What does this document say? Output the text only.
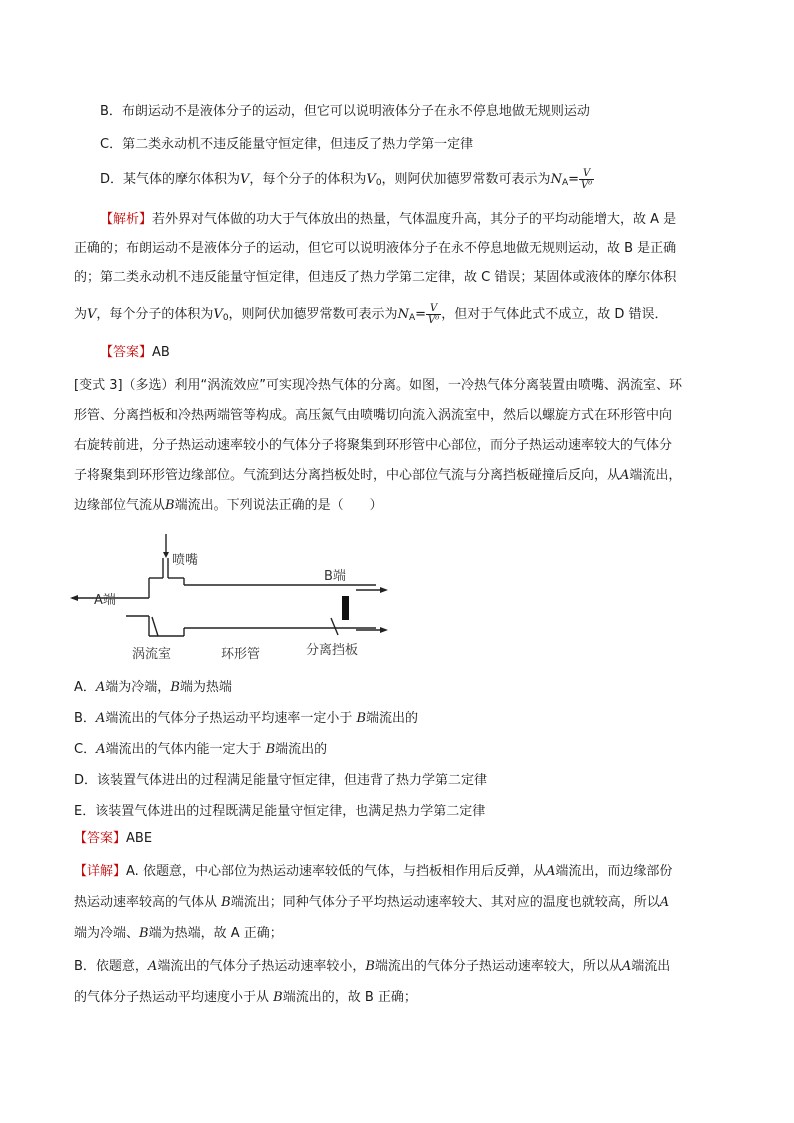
B．布朗运动不是液体分子的运动，但它可以说明液体分子在永不停息地做无规则运动
C．第二类永动机不违反能量守恒定律，但违反了热力学第一定律
D．某气体的摩尔体积为V，每个分子的体积为$V_0$，则阿伏加德罗常数可表示为$N_A= \frac{V}{\text{V⁰}}$
【解析】若外界对气体做的功大于气体放出的热量，气体温度升高，其分子的平均动能增大，故 A 是
正确的；布朗运动不是液体分子的运动，但它可以说明液体分子在永不停息地做无规则运动，故 B 是正确
的；第二类永动机不违反能量守恒定律，但违反了热力学第二定律，故 C 错误；某固体或液体的摩尔体积
为V，每个分子的体积为$V_0$，则阿伏加德罗常数可表示为$N_A= \frac{V}{\text{V⁰}}$ ，但对于气体此式不成立，故 D 错误．
【答案】AB
[变式 3]（多选）利用“涡流效应”可实现冷热气体的分离。如图，一冷热气体分离装置由喷嘴、涡流室、环
形管、分离挡板和冷热两端管等构成。高压氮气由喷嘴切向流入涡流室中，然后以螺旋方式在环形管中向
右旋转前进，分子热运动速率较小的气体分子将聚集到环形管中心部位，而分子热运动速率较大的气体分
子将聚集到环形管边缘部位。气流到达分离挡板处时，中心部位气流与分离挡板碰撞后反向，从A端流出，
边缘部位气流从B端流出。下列说法正确的是（　　）
喷嘴
B端
A端
涡流室	环形管	分离挡板
A．A端为冷端，B端为热端
B．A端流出的气体分子热运动平均速率一定小于 B端流出的
C．A端流出的气体内能一定大于 B端流出的
D．该装置气体进出的过程满足能量守恒定律，但违背了热力学第二定律
E．该装置气体进出的过程既满足能量守恒定律，也满足热力学第二定律
【答案】ABE
【详解】A. 依题意，中心部位为热运动速率较低的气体，与挡板相作用后反弹，从A端流出，而边缘部份
热运动速率较高的气体从 B端流出；同种气体分子平均热运动速率较大、其对应的温度也就较高，所以A
端为冷端、B端为热端，故 A 正确；
B．依题意，A端流出的气体分子热运动速率较小，B端流出的气体分子热运动速率较大，所以从A端流出
的气体分子热运动平均速度小于从 B端流出的，故 B 正确；
